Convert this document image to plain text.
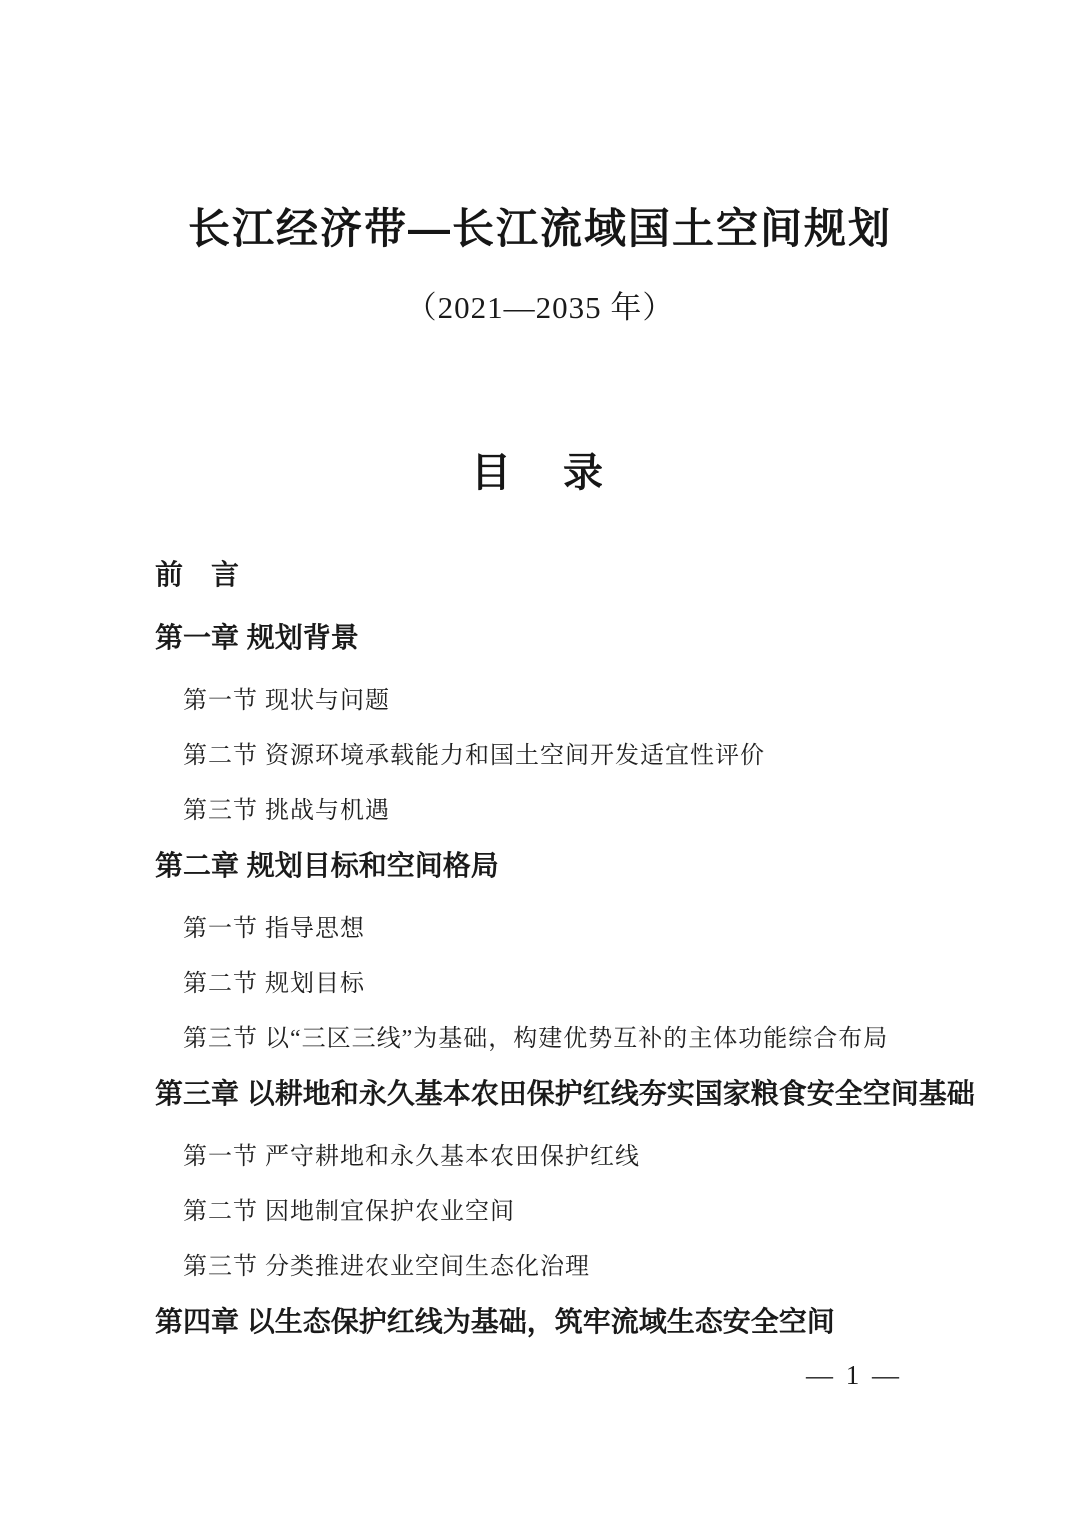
长江经济带—长江流域国土空间规划
（2021—2035 年）
目　录
前　言
第一章 规划背景
第一节 现状与问题
第二节 资源环境承载能力和国土空间开发适宜性评价
第三节 挑战与机遇
第二章 规划目标和空间格局
第一节 指导思想
第二节 规划目标
第三节 以“三区三线”为基础，构建优势互补的主体功能综合布局
第三章 以耕地和永久基本农田保护红线夯实国家粮食安全空间基础
第一节 严守耕地和永久基本农田保护红线
第二节 因地制宜保护农业空间
第三节 分类推进农业空间生态化治理
第四章 以生态保护红线为基础，筑牢流域生态安全空间
— 1 —
